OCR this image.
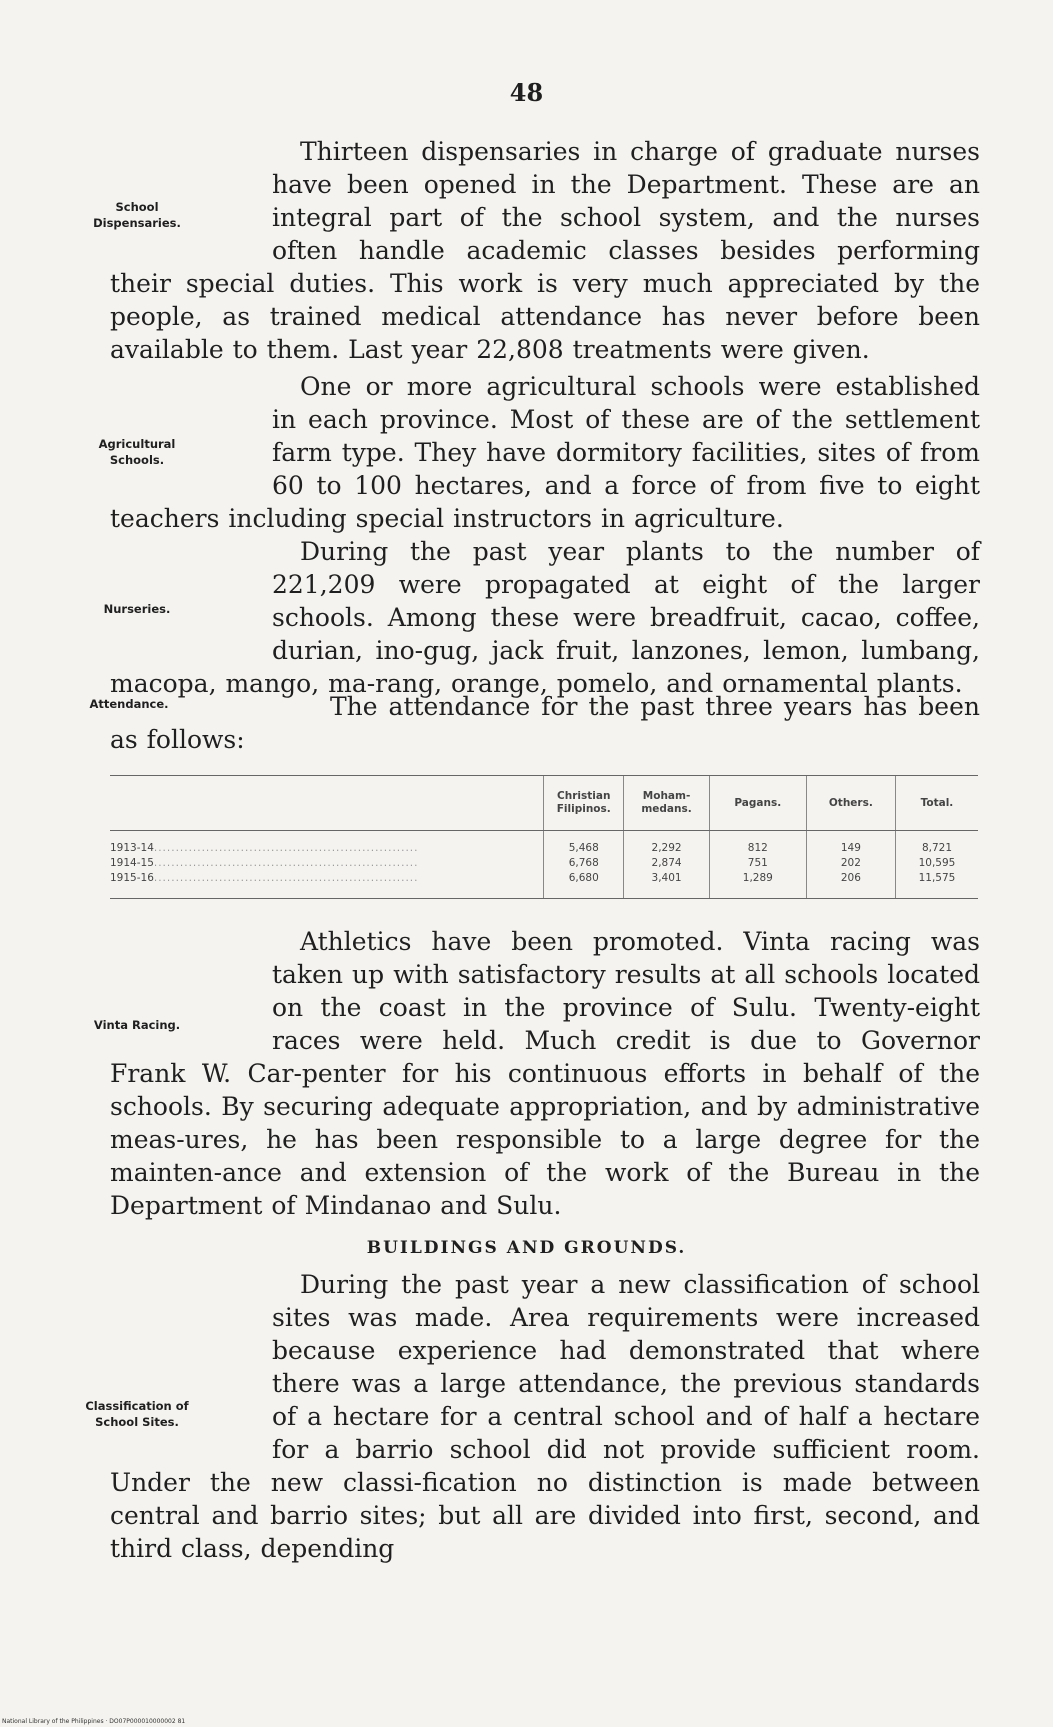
48
School Dispensaries.

Thirteen dispensaries in charge of graduate nurses have been opened in the Department. These are an integral part of the school system, and the nurses often handle academic classes besides performing their special duties. This work is very much appreciated by the people, as trained medical attendance has never before been available to them. Last year 22,808 treatments were given.

Agricultural Schools.

One or more agricultural schools were established in each province. Most of these are of the settlement farm type. They have dormitory facilities, sites of from 60 to 100 hectares, and a force of from five to eight teachers including special instructors in agriculture.

Nurseries.

During the past year plants to the number of 221,209 were propagated at eight of the larger schools. Among these were breadfruit, cacao, coffee, durian, ino-gug, jack fruit, lanzones, lemon, lumbang, macopa, mango, ma-rang, orange, pomelo, and ornamental plants.

Attendance.	The attendance for the past three years has been as follows:

	Christian Filipinos.	Moham-medans.	Pagans.	Others.	Total.
1913-14.............................................................	5,468	2,292	812	149	8,721
1914-15.............................................................	6,768	2,874	751	202	10,595
1915-16.............................................................	6,680	3,401	1,289	206	11,575
Vinta Racing.

Athletics have been promoted. Vinta racing was taken up with satisfactory results at all schools located on the coast in the province of Sulu. Twenty-eight races were held. Much credit is due to Governor Frank W. Car-penter for his continuous efforts in behalf of the schools. By securing adequate appropriation, and by administrative meas-ures, he has been responsible to a large degree for the mainten-ance and extension of the work of the Bureau in the Department of Mindanao and Sulu.

BUILDINGS AND GROUNDS.
Classification of School Sites.

During the past year a new classification of school sites was made. Area requirements were increased because experience had demonstrated that where there was a large attendance, the previous standards of a hectare for a central school and of half a hectare for a barrio school did not provide sufficient room. Under the new classi-fication no distinction is made between central and barrio sites; but all are divided into first, second, and third class, depending

National Library of the Philippines · DO07P000010000002 81
